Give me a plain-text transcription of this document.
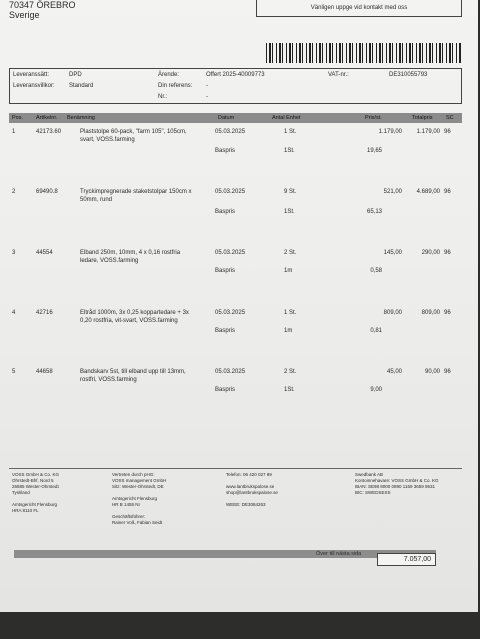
70347 ÖREBRO
Sverige
Vänligen uppge vid kontakt med oss
Leveranssätt:	DPD
Leveransvillkor: Standard
Ärende:	Offert 2025-40009773
Din referens: -
Nr.:	-
VAT-nr.:	DE310055793
Pos. Artikelnr. Benämning	Datum	Antal Enhet	Pris/st.	Totalpris SC
1	42173.60	Plaststolpe 60-pack, "farm 105", 105cm,
svart, VOSS.farming
05.03.2025	1 St.	1.179,00	1.179,00 96
Baspris	1St.	19,65
2	69490.8	Tryckimpregnerade staketstolpar 150cm x
50mm, rund
05.03.2025	9 St.	521,00	4.689,00 96
Baspris	1St.	65,13
3	44554	Elband 250m, 10mm, 4 x 0,16 rostfria
ledare, VOSS.farming
05.03.2025	2 St.	145,00	290,00 96
Baspris	1m	0,58
4	42716	Eltråd 1000m, 3x 0,25 koppartedare + 3x
0,20 rostfria, vit-svart, VOSS.farming
05.03.2025	1 St.	809,00	809,00 96
Baspris	1m	0,81
5	44658	Bandskarv 5st, till elband upp till 13mm,
rostfri, VOSS.farming
05.03.2025	2 St.	45,00	90,00 96
Baspris	1St.	9,00
VOSS GmbH & Co. KG
Ohrstedt-Bhf. Nord 5
25885 Wester-Ohrstedt
Tyskland
Amtsgericht Flensburg
HRA 8110 FL
Vertreten durch pHG:
VOSS management GmbH
Sitz: Wester-Ohrstedt, DE
Amtsgericht Flensburg
HR B 1455 NI
Geschäftsführer:
Rainer Voß, Fabian Seidt
Telefon: 06 420 027 89
www.lantbrukspalose.se
shop@lantbrukspalose.se
WEEE: DE3084263
Swedbank AB
Kontoinnehavare: VOSS GmbH & Co. KG
IBAN: SE98 8000 0890 1169 3659 9531
BIC: SWEDSESS
Över till nästa sida
7.057,00
